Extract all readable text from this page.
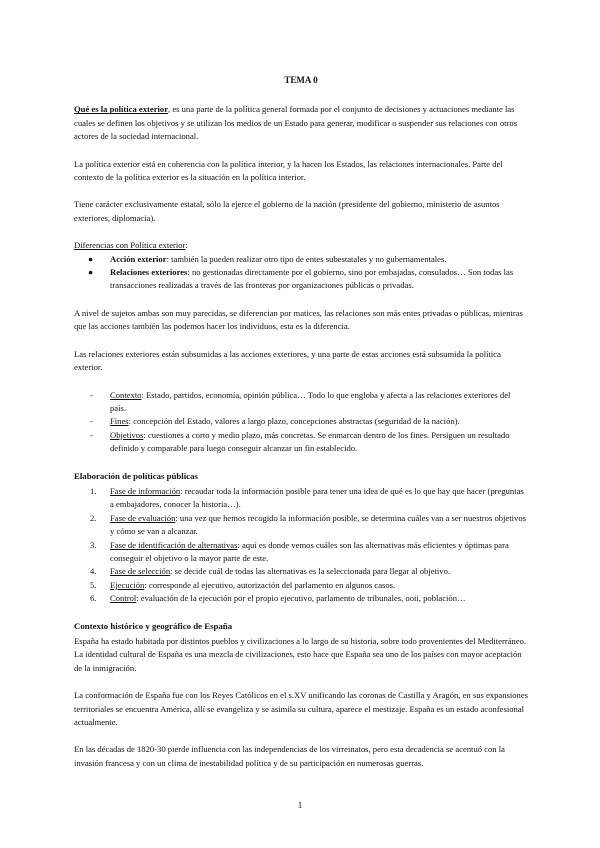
TEMA 0

Qué es la política exterior, es una parte de la política general formada por el conjunto de decisiones y actuaciones mediante las cuales se definen los objetivos y se utilizan los medios de un Estado para generar, modificar o suspender sus relaciones con otros actores de la sociedad internacional.

La política exterior está en coherencia con la política interior, y la hacen los Estados, las relaciones internacionales. Parte del contexto de la política exterior es la situación en la política interior.

Tiene carácter exclusivamente estatal, sólo la ejerce el gobierno de la nación (presidente del gobierno, ministerio de asuntos exteriores, diplomacia).

Diferencias con Política exterior:
● Acción exterior: también la pueden realizar otro tipo de entes subestatales y no gubernamentales.
● Relaciones exteriores: no gestionadas directamente por el gobierno, sino por embajadas, consulados… Son todas las transacciones realizadas a través de las fronteras por organizaciones públicas o privadas.

A nivel de sujetos ambas son muy parecidas, se diferencian por matices, las relaciones son más entes privadas o públicas, mientras que las acciones también las podemos hacer los individuos, esta es la diferencia.

Las relaciones exteriores están subsumidas a las acciones exteriores, y una parte de estas acciones está subsumida la política exterior.

- Contexto: Estado, partidos, economía, opinión pública… Todo lo que engloba y afecta a las relaciones exteriores del país.
- Fines: concepción del Estado, valores a largo plazo, concepciones abstractas (seguridad de la nación).
- Objetivos: cuestiones a corto y medio plazo, más concretas. Se enmarcan dentro de los fines. Persiguen un resultado definido y comparable para luego conseguir alcanzar un fin establecido.
Elaboración de políticas públicas
1. Fase de información: recaudar toda la información posible para tener una idea de qué es lo que hay que hacer (preguntas a embajadores, conocer la historia…).
2. Fase de evaluación: una vez que hemos recogido la información posible, se determina cuáles van a ser nuestros objetivos y cómo se van a alcanzar.
3. Fase de identificación de alternativas: aquí es donde vemos cuáles son las alternativas más eficientes y óptimas para conseguir el objetivo o la mayor parte de este.
4. Fase de selección: se decide cuál de todas las alternativas es la seleccionada para llegar al objetivo.
5. Ejecución: corresponde al ejecutivo, autorización del parlamento en algunos casos.
6. Control: evaluación de la ejecución por el propio ejecutivo, parlamento de tribunales, ooii, población…
Contexto histórico y geográfico de España

España ha estado habitada por distintos pueblos y civilizaciones a lo largo de su historia, sobre todo provenientes del Mediterráneo. La identidad cultural de España es una mezcla de civilizaciones, esto hace que España sea uno de los países con mayor aceptación de la inmigración.

La conformación de España fue con los Reyes Católicos en el s.XV unificando las coronas de Castilla y Aragón, en sus expansiones territoriales se encuentra América, allí se evangeliza y se asimila su cultura, aparece el mestizaje. España es un estado aconfesional actualmente.

En las décadas de 1820-30 pierde influencia con las independencias de los virreinatos, pero esta decadencia se acentuó con la invasión francesa y con un clima de inestabilidad política y de su participación en numerosas guerras.

1
